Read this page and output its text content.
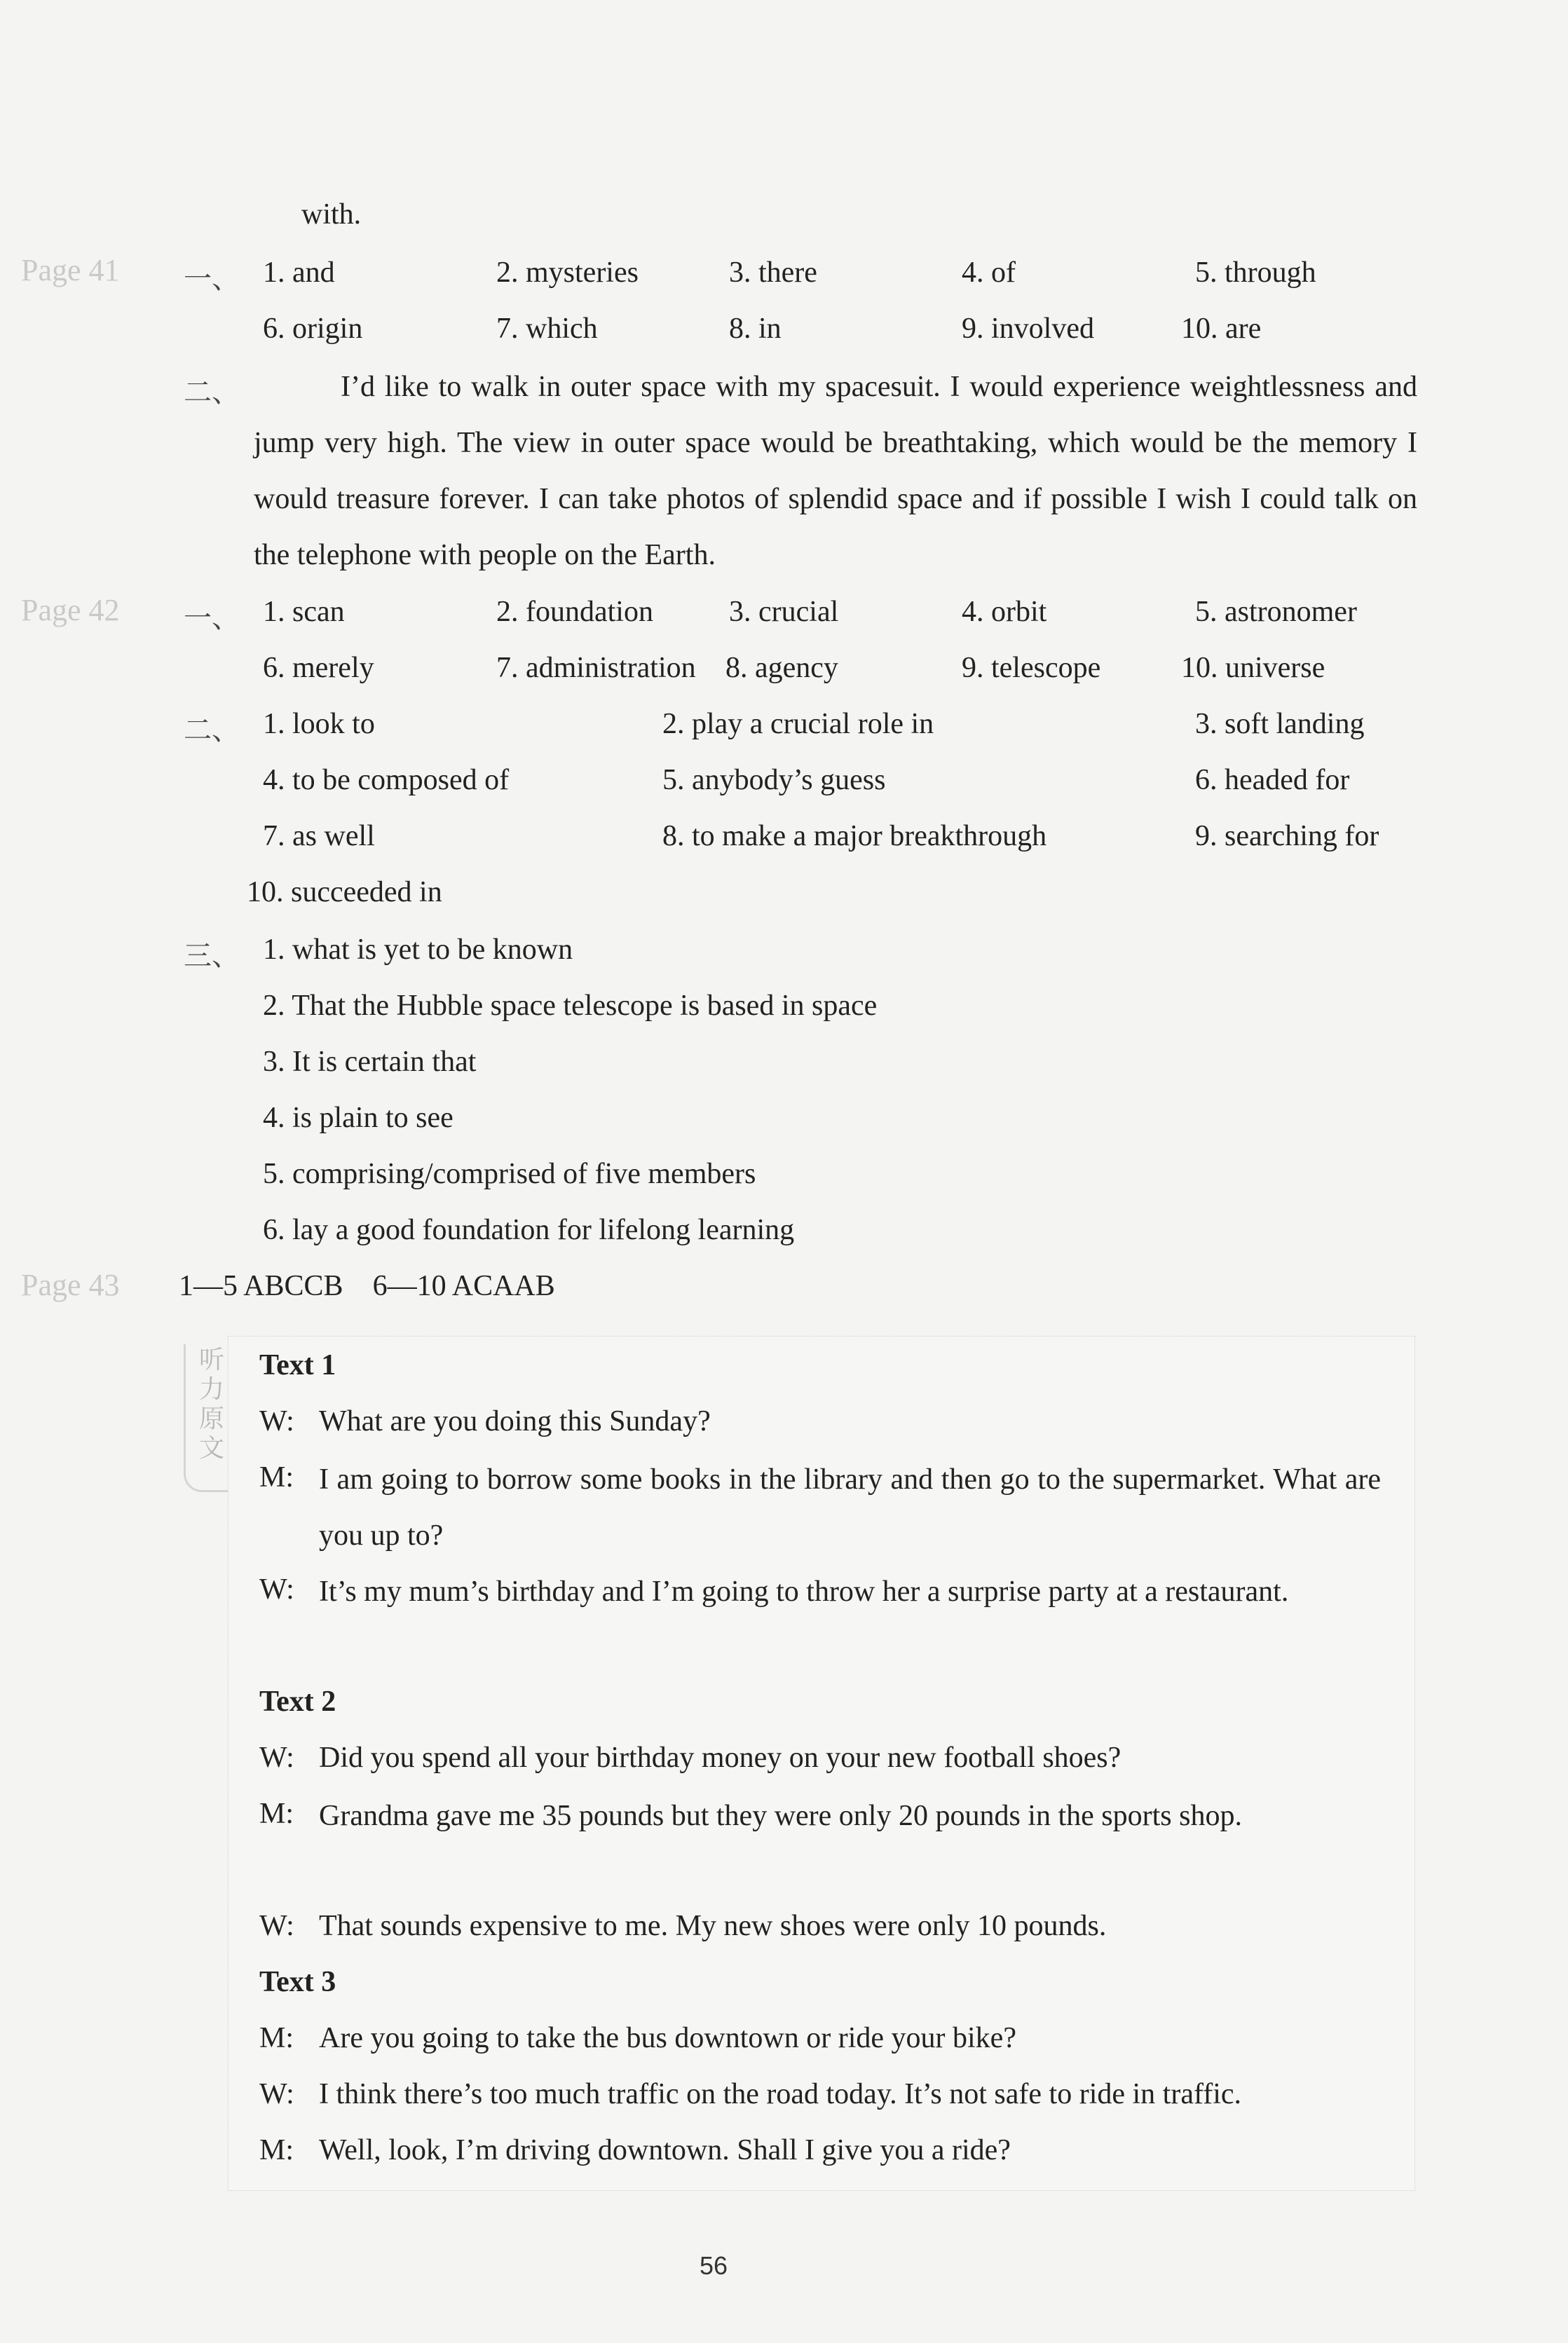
with.
Page 41 一、 1. and	2. mysteries	3. there	4. of	5. through
6. origin	7. which	8. in	9. involved	10. are
二、	I’d like to walk in outer space with my spacesuit. I would experience weightlessness and jump very high. The view in outer space would be breathtaking, which would be the memory I would treasure forever. I can take photos of splendid space and if possible I wish I could talk on the telephone with people on the Earth.
Page 42 一、 1. scan	2. foundation	3. crucial	4. orbit	5. astronomer
6. merely	7. administration 8. agency	9. telescope	10. universe
二、 1. look to	2. play a crucial role in	3. soft landing
4. to be composed of	5. anybody’s guess	6. headed for
7. as well	8. to make a major breakthrough	9. searching for
10. succeeded in
三、 1. what is yet to be known
2. That the Hubble space telescope is based in space
3. It is certain that
4. is plain to see
5. comprising/comprised of five members
6. lay a good foundation for lifelong learning
Page 43 1—5 ABCCB    6—10 ACAAB
听
力
原
文
Text 1
W: What are you doing this Sunday?
M: I am going to borrow some books in the library and then go to the supermarket. What are you up to?
W: It’s my mum’s birthday and I’m going to throw her a surprise party at a restaurant.
Text 2
W: Did you spend all your birthday money on your new football shoes?
M: Grandma gave me 35 pounds but they were only 20 pounds in the sports shop.
W: That sounds expensive to me. My new shoes were only 10 pounds.
Text 3
M: Are you going to take the bus downtown or ride your bike?
W: I think there’s too much traffic on the road today. It’s not safe to ride in traffic.
M: Well, look, I’m driving downtown. Shall I give you a ride?
56
